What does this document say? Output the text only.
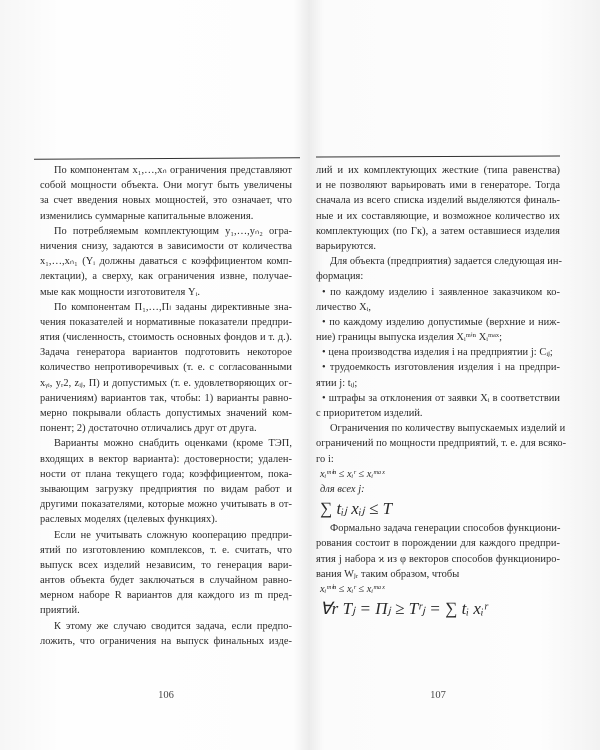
По компонентам x₁,…,xₙ ограничения представляют
собой мощности объекта. Они могут быть увеличены
за счет введения новых мощностей, это означает, что
изменились суммарные капитальные вложения.
По потребляемым комплектующим y₁,…,yₙ₂ огра-
ничения снизу, задаются в зависимости от количества
x₁,…,xₙ₁ (Yᵢ должны даваться с коэффициентом комп-
лектации), а сверху, как ограничения извне, получае-
мые как мощности изготовителя Yᵢ.
По компонентам П₁,…,Пₗ заданы директивные зна-
чения показателей и нормативные показатели предпри-
ятия (численность, стоимость основных фондов и т. д.).
Задача генератора вариантов подготовить некоторое
количество непротиворечивых (т. е. с согласованными
xᵧᵢ, yᵣ2, zᵢⱼ, П) и допустимых (т. е. удовлетворяющих ог-
раничениям) вариантов так, чтобы: 1) варианты равно-
мерно покрывали область допустимых значений ком-
понент; 2) достаточно отличались друг от друга.
Варианты можно снабдить оценками (кроме ТЭП,
входящих в вектор варианта): достоверности; удален-
ности от плана текущего года; коэффициентом, пока-
зывающим загрузку предприятия по видам работ и
другими показателями, которые можно учитывать в от-
раслевых моделях (целевых функциях).
Если не учитывать сложную кооперацию предпри-
ятий по изготовлению комплексов, т. е. считать, что
выпуск всех изделий независим, то генерация вари-
антов объекта будет заключаться в случайном равно-
мерном наборе R вариантов для каждого из m пред-
приятий.
К этому же случаю сводится задача, если предпо-
ложить, что ограничения на выпуск финальных изде-
106
лий и их комплектующих жесткие (типа равенства)
и не позволяют варьировать ими в генераторе. Тогда
сначала из всего списка изделий выделяются финаль-
ные и их составляющие, и возможное количество их
комплектующих (по Гк), а затем оставшиеся изделия
варьируются.
Для объекта (предприятия) задается следующая ин-
формация:
• по каждому изделию i заявленное заказчиком ко-
личество Xᵢ,
• по каждому изделию допустимые (верхние и ниж-
ние) границы выпуска изделия Xᵢᵐⁱⁿ Xᵢᵐᵃˣ;
• цена производства изделия i на предприятии j: Cᵢⱼ;
• трудоемкость изготовления изделия i на предпри-
ятии j: tᵢⱼ;
• штрафы за отклонения от заявки Xᵢ в соответствии
с приоритетом изделий.
Ограничения по количеству выпускаемых изделий и
ограничений по мощности предприятий, т. е. для всяко-
го i:
xᵢᵐⁱⁿ ≤ xᵢʳ ≤ xᵢᵐᵃˣ
для всех j:
∑ tᵢⱼ xᵢⱼ ≤ T
Формально задача генерации способов функциони-
рования состоит в порождении для каждого предпри-
ятия j набора ϰ из φ векторов способов функциониро-
вания Wⱼᵣ таким образом, чтобы
xᵢᵐⁱⁿ ≤ xᵢʳ ≤ xᵢᵐᵃˣ
∀r Tⱼ = Пⱼ ≥ Tʳⱼ = ∑ tᵢ xᵢʳ
107
